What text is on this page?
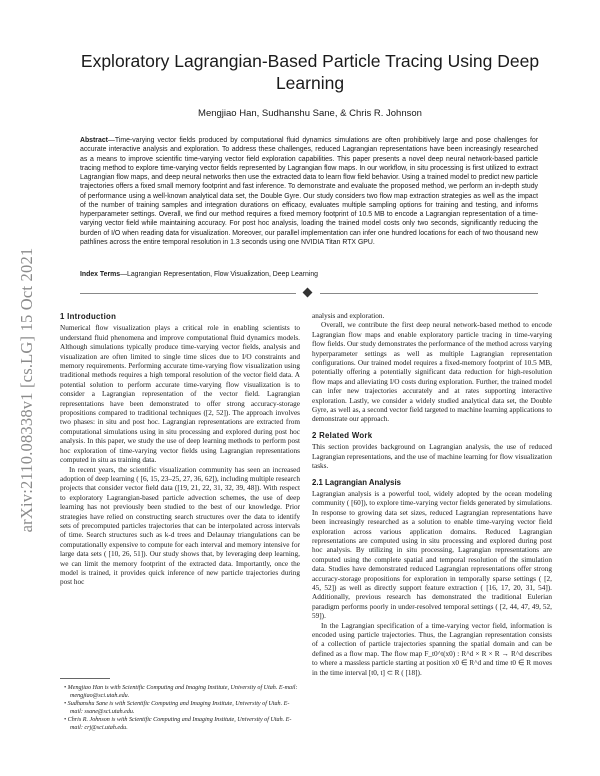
arXiv:2110.08338v1 [cs.LG] 15 Oct 2021
Exploratory Lagrangian-Based Particle Tracing Using Deep Learning
Mengjiao Han, Sudhanshu Sane, & Chris R. Johnson
Abstract—Time-varying vector fields produced by computational fluid dynamics simulations are often prohibitively large and pose challenges for accurate interactive analysis and exploration. To address these challenges, reduced Lagrangian representations have been increasingly researched as a means to improve scientific time-varying vector field exploration capabilities. This paper presents a novel deep neural network-based particle tracing method to explore time-varying vector fields represented by Lagrangian flow maps. In our workflow, in situ processing is first utilized to extract Lagrangian flow maps, and deep neural networks then use the extracted data to learn flow field behavior. Using a trained model to predict new particle trajectories offers a fixed small memory footprint and fast inference. To demonstrate and evaluate the proposed method, we perform an in-depth study of performance using a well-known analytical data set, the Double Gyre. Our study considers two flow map extraction strategies as well as the impact of the number of training samples and integration durations on efficacy, evaluates multiple sampling options for training and testing, and informs hyperparameter settings. Overall, we find our method requires a fixed memory footprint of 10.5 MB to encode a Lagrangian representation of a time-varying vector field while maintaining accuracy. For post hoc analysis, loading the trained model costs only two seconds, significantly reducing the burden of I/O when reading data for visualization. Moreover, our parallel implementation can infer one hundred locations for each of two thousand new pathlines across the entire temporal resolution in 1.3 seconds using one NVIDIA Titan RTX GPU.
Index Terms—Lagrangian Representation, Flow Visualization, Deep Learning

1 Introduction

Numerical flow visualization plays a critical role in enabling scientists to understand fluid phenomena and improve computational fluid dynamics models. Although simulations typically produce time-varying vector fields, analysis and visualization are often limited to single time slices due to I/O constraints and memory requirements. Performing accurate time-varying flow visualization using traditional methods requires a high temporal resolution of the vector field data. A potential solution to perform accurate time-varying flow visualization is to consider a Lagrangian representation of the vector field. Lagrangian representations have been demonstrated to offer strong accuracy-storage propositions compared to traditional techniques ([2, 52]). The approach involves two phases: in situ and post hoc. Lagrangian representations are extracted from computational simulations using in situ processing and explored during post hoc analysis. In this paper, we study the use of deep learning methods to perform post hoc exploration of time-varying vector fields using Lagrangian representations computed in situ as training data.

In recent years, the scientific visualization community has seen an increased adoption of deep learning ( [6, 15, 23–25, 27, 36, 62]), including multiple research projects that consider vector field data ([19, 21, 22, 31, 32, 39, 48]). With respect to exploratory Lagrangian-based particle advection schemes, the use of deep learning has not previously been studied to the best of our knowledge. Prior strategies have relied on constructing search structures over the data to identify sets of precomputed particles trajectories that can be interpolated across intervals of time. Search structures such as k-d trees and Delaunay triangulations can be computationally expensive to compute for each interval and memory intensive for large data sets ( [10, 26, 51]). Our study shows that, by leveraging deep learning, we can limit the memory footprint of the extracted data. Importantly, once the model is trained, it provides quick inference of new particle trajectories during post hoc

• Mengjiao Han is with Scientific Computing and Imaging Institute, University of Utah. E-mail: mengjiao@sci.utah.edu.
• Sudhanshu Sane is with Scientific Computing and Imaging Institute, University of Utah. E-mail: ssane@sci.utah.edu.
• Chris R. Johnson is with Scientific Computing and Imaging Institute, University of Utah. E-mail: crj@sci.utah.edu.

analysis and exploration.

Overall, we contribute the first deep neural network-based method to encode Lagrangian flow maps and enable exploratory particle tracing in time-varying flow fields. Our study demonstrates the performance of the method across varying hyperparameter settings as well as multiple Lagrangian representation configurations. Our trained model requires a fixed-memory footprint of 10.5 MB, potentially offering a potentially significant data reduction for high-resolution flow maps and alleviating I/O costs during exploration. Further, the trained model can infer new trajectories accurately and at rates supporting interactive exploration. Lastly, we consider a widely studied analytical data set, the Double Gyre, as well as, a second vector field targeted to machine learning applications to demonstrate our approach.

2 Related Work

This section provides background on Lagrangian analysis, the use of reduced Lagrangian representations, and the use of machine learning for flow visualization tasks.

2.1 Lagrangian Analysis

Lagrangian analysis is a powerful tool, widely adopted by the ocean modeling community ( [60]), to explore time-varying vector fields generated by simulations. In response to growing data set sizes, reduced Lagrangian representations have been increasingly researched as a solution to enable time-varying vector field exploration across various application domains. Reduced Lagrangian representations are computed using in situ processing and explored during post hoc analysis. By utilizing in situ processing, Lagrangian representations are computed using the complete spatial and temporal resolution of the simulation data. Studies have demonstrated reduced Lagrangian representations offer strong accuracy-storage propositions for exploration in temporally sparse settings ( [2, 45, 52]) as well as directly support feature extraction ( [16, 17, 20, 31, 54]). Additionally, previous research has demonstrated the traditional Eulerian paradigm performs poorly in under-resolved temporal settings ( [2, 44, 47, 49, 52, 59]).

In the Lagrangian specification of a time-varying vector field, information is encoded using particle trajectories. Thus, the Lagrangian representation consists of a collection of particle trajectories spanning the spatial domain and can be defined as a flow map. The flow map F_t0^t(x0) : R^d × R × R → R^d describes to where a massless particle starting at position x0 ∈ R^d and time t0 ∈ R moves in the time interval [t0, t] ⊂ R ( [18]).
